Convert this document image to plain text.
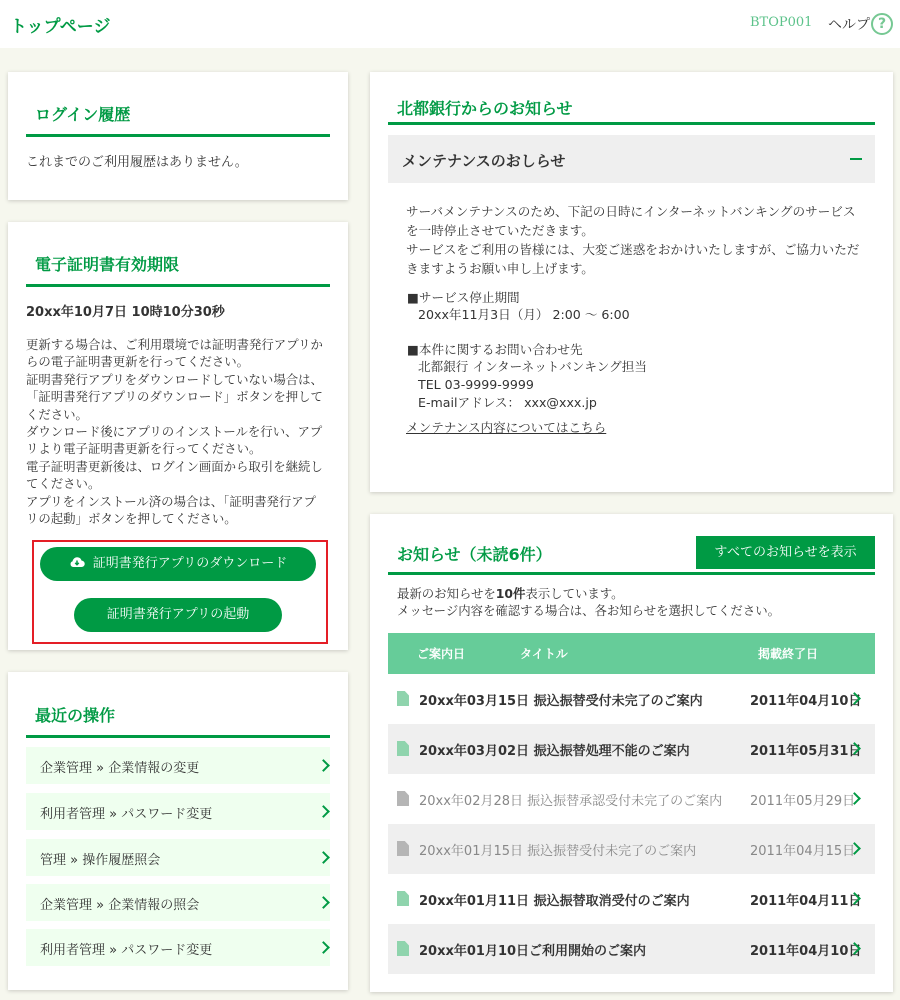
トップページ	BTOP001 ヘルプ ?
ログイン履歴
これまでのご利用履歴はありません。
電子証明書有効期限
20xx年10月7日 10時10分30秒
更新する場合は、ご利用環境では証明書発行アプリか
らの電子証明書更新を行ってください。
証明書発行アプリをダウンロードしていない場合は、
「証明書発行アプリのダウンロード」ボタンを押して
ください。
ダウンロード後にアプリのインストールを行い、アプ
リより電子証明書更新を行ってください。
電子証明書更新後は、ログイン画面から取引を継続し
てください。
アプリをインストール済の場合は、「証明書発行アプ
リの起動」ボタンを押してください。
証明書発行アプリのダウンロード
証明書発行アプリの起動
最近の操作
企業管理 » 企業情報の変更
利用者管理 » パスワード変更
管理 » 操作履歴照会
企業管理 » 企業情報の照会
利用者管理 » パスワード変更
北都銀行からのお知らせ
メンテナンスのおしらせ
サーバメンテナンスのため、下記の日時にインターネットバンキングのサービス
を一時停止させていただきます。
サービスをご利用の皆様には、大変ご迷惑をおかけいたしますが、ご協力いただ
きますようお願い申し上げます。
■サービス停止期間
20xx年11月3日（月） 2:00 ～ 6:00
■本件に関するお問い合わせ先
北都銀行 インターネットバンキング担当
TEL 03-9999-9999
E-mailアドレス： xxx@xxx.jp
メンテナンス内容についてはこちら
お知らせ（未読6件）	すべてのお知らせを表示
最新のお知らせを10件表示しています。
メッセージ内容を確認する場合は、各お知らせを選択してください。
ご案内日	タイトル	掲載終了日
20xx年03月15日 振込振替受付未完了のご案内	2011年04月10日
20xx年03月02日 振込振替処理不能のご案内	2011年05月31日
20xx年02月28日 振込振替承認受付未完了のご案内 2011年05月29日
20xx年01月15日 振込振替受付未完了のご案内	2011年04月15日
20xx年01月11日 振込振替取消受付のご案内	2011年04月11日
20xx年01月10日ご利用開始のご案内	2011年04月10日
